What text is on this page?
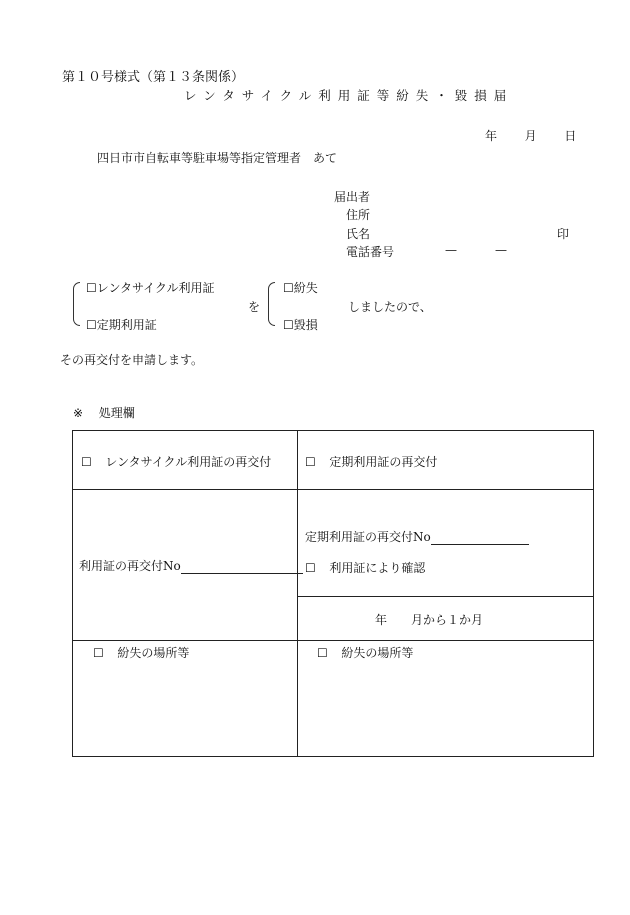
第１０号様式（第１３条関係）
レンタサイクル利用証等紛失・毀損届
年 月 日
四日市市自転車等駐車場等指定管理者　あて
届出者
住所
氏名	印
電話番号	—	—
☐レンタサイクル利用証
☐定期利用証
を
☐紛失
☐毀損
しましたので、
その再交付を申請します。
※ 処理欄
☐ レンタサイクル利用証の再交付	☐ 定期利用証の再交付
利用証の再交付No
定期利用証の再交付No
☐ 利用証により確認
年　　月から１か月
☐ 紛失の場所等	☐ 紛失の場所等
